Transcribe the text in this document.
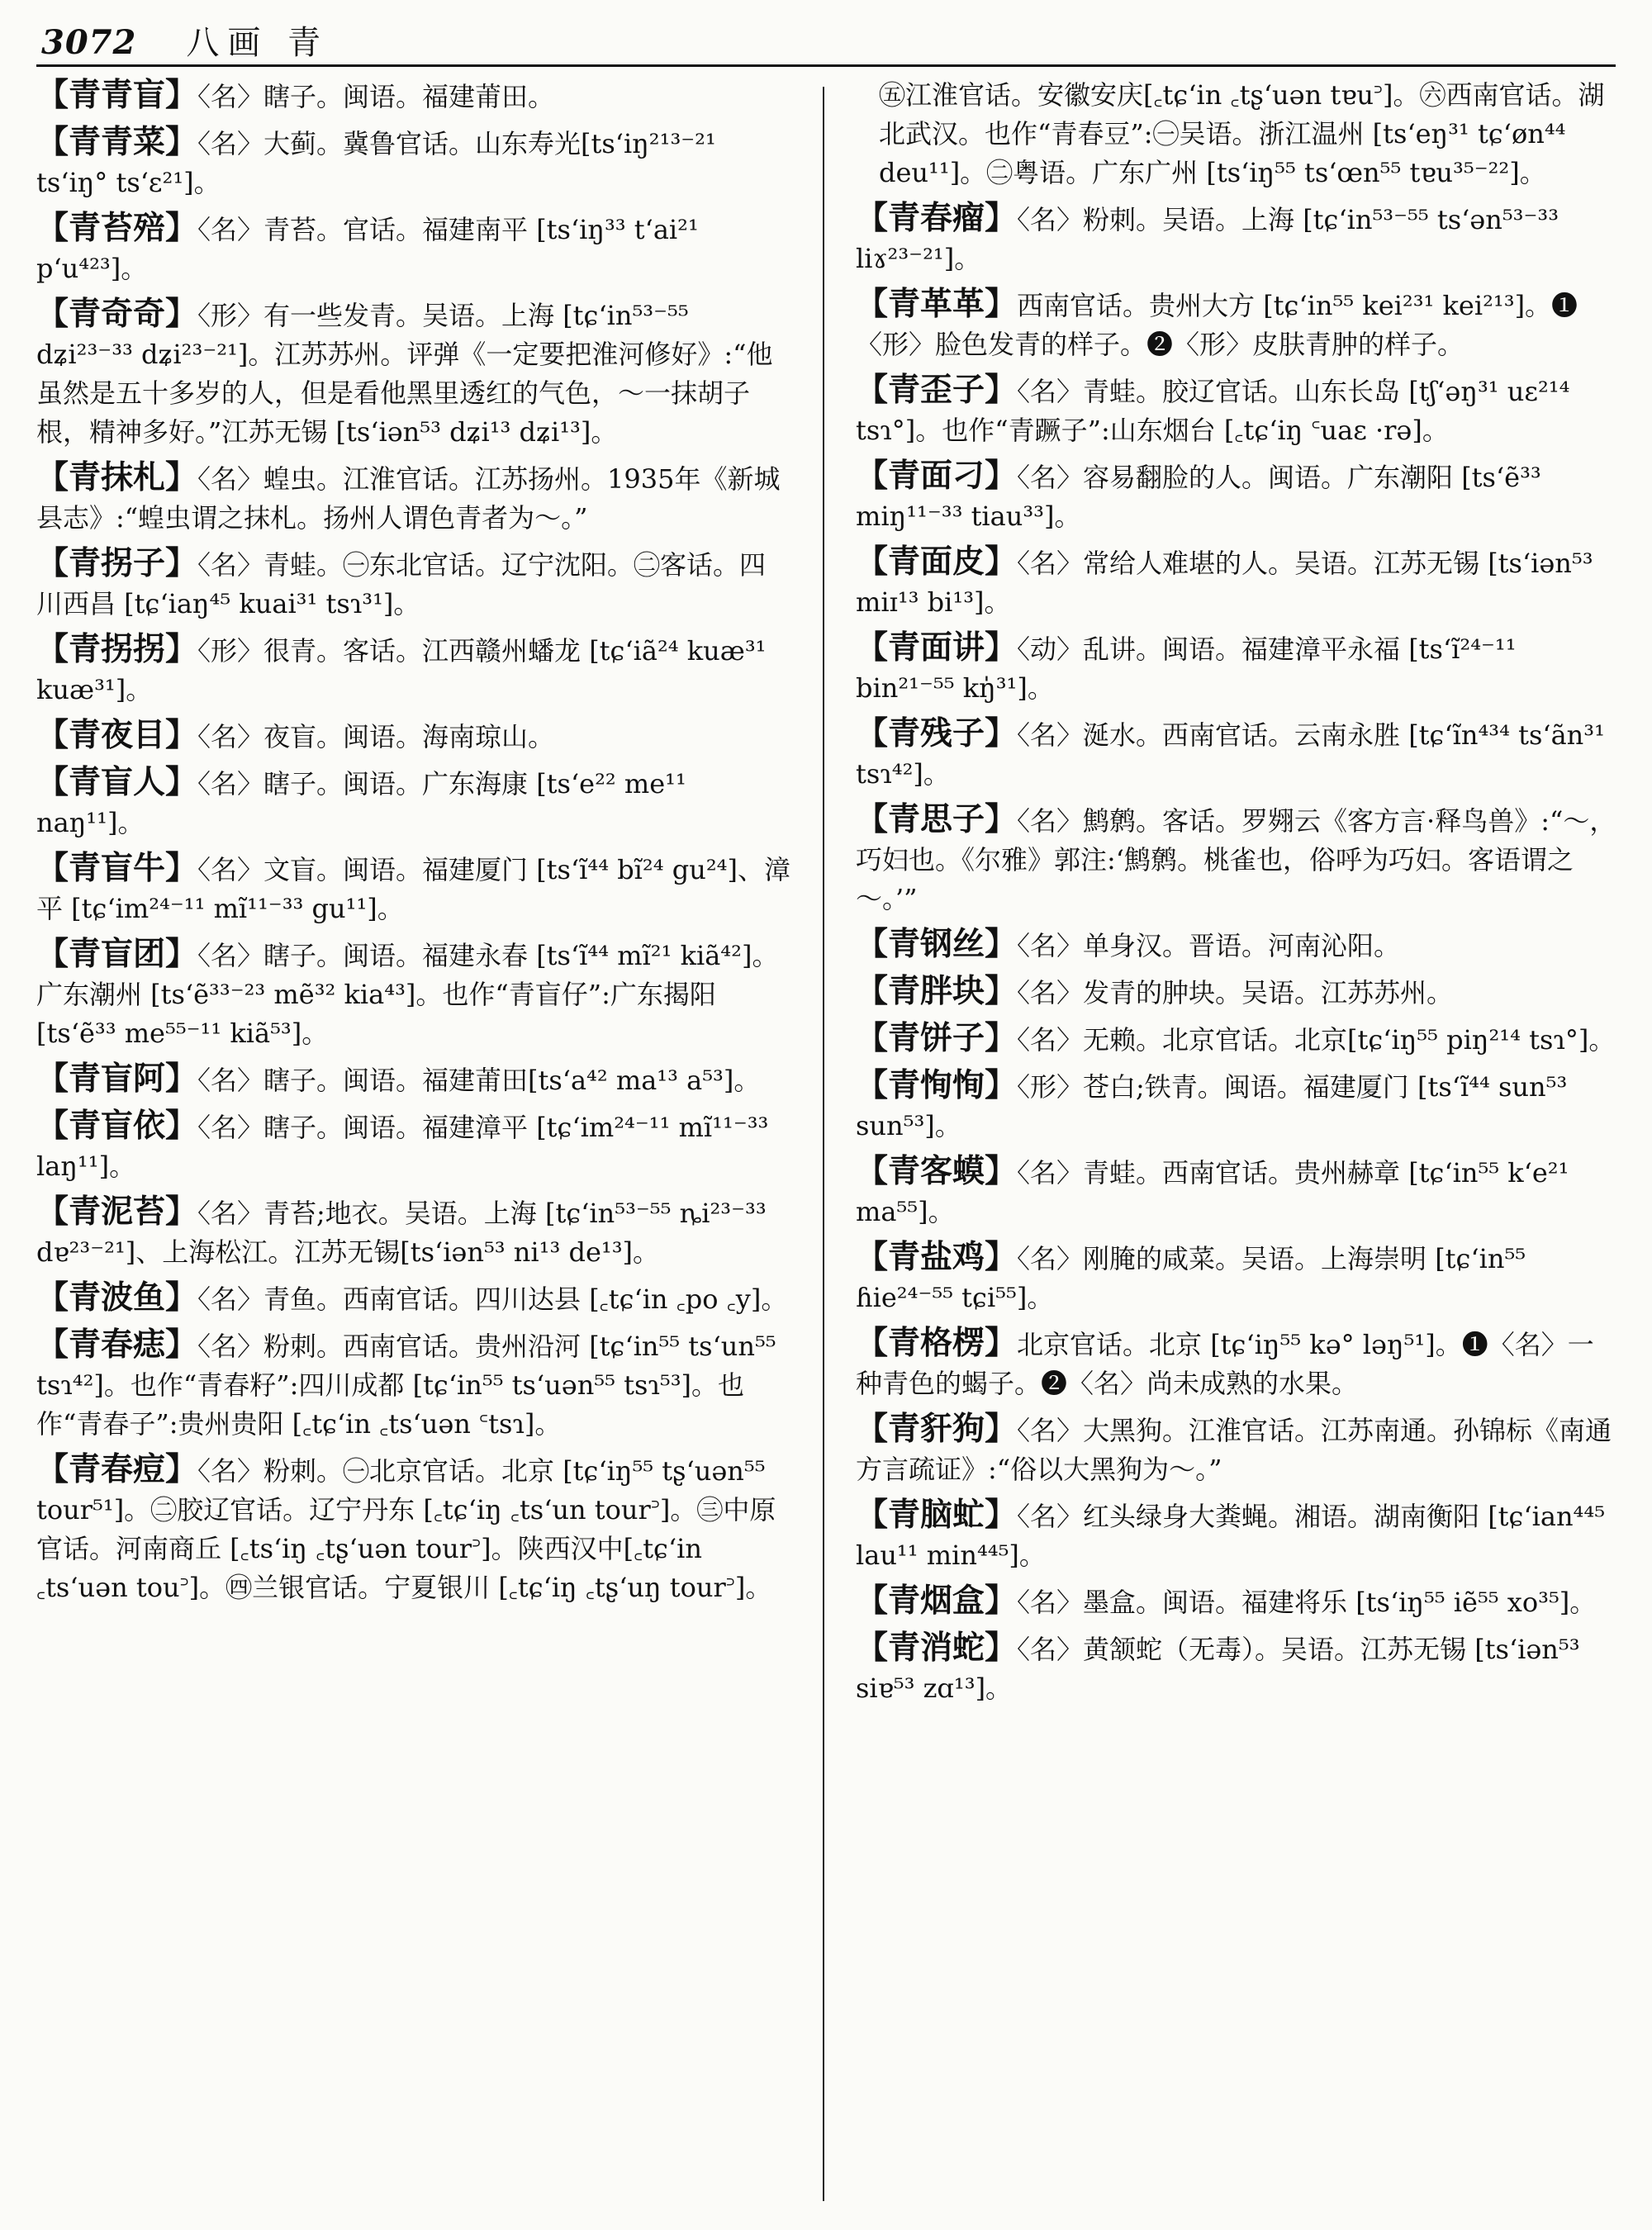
3072 八画 青
【青青盲】〈名〉瞎子。闽语。福建莆田。
【青青菜】〈名〉大蓟。冀鲁官话。山东寿光[tsʻiŋ²¹³⁻²¹ tsʻiŋ° tsʻɛ²¹]。
【青苔殕】〈名〉青苔。官话。福建南平 [tsʻiŋ³³ tʻai²¹ pʻu⁴²³]。
【青奇奇】〈形〉有一些发青。吴语。上海 [tɕʻin⁵³⁻⁵⁵ dʑi²³⁻³³ dʑi²³⁻²¹]。江苏苏州。评弹《一定要把淮河修好》:“他虽然是五十多岁的人，但是看他黑里透红的气色，～一抹胡子根，精神多好。”江苏无锡 [tsʻiən⁵³ dʑi¹³ dʑi¹³]。
【青抹札】〈名〉蝗虫。江淮官话。江苏扬州。1935年《新城县志》:“蝗虫谓之抹札。扬州人谓色青者为～。”
【青拐子】〈名〉青蛙。㊀东北官话。辽宁沈阳。㊁客话。四川西昌 [tɕʻiaŋ⁴⁵ kuai³¹ tsɿ³¹]。
【青拐拐】〈形〉很青。客话。江西赣州蟠龙 [tɕʻiã²⁴ kuæ³¹ kuæ³¹]。
【青夜目】〈名〉夜盲。闽语。海南琼山。
【青盲人】〈名〉瞎子。闽语。广东海康 [tsʻe²² me¹¹ naŋ¹¹]。
【青盲牛】〈名〉文盲。闽语。福建厦门 [tsʻĩ⁴⁴ bĩ²⁴ gu²⁴]、漳平 [tɕʻim²⁴⁻¹¹ mĩ¹¹⁻³³ gu¹¹]。
【青盲团】〈名〉瞎子。闽语。福建永春 [tsʻĩ⁴⁴ mĩ²¹ kiã⁴²]。广东潮州 [tsʻẽ³³⁻²³ mẽ³² kia⁴³]。也作“青盲仔”:广东揭阳 [tsʻẽ³³ me⁵⁵⁻¹¹ kiã⁵³]。
【青盲阿】〈名〉瞎子。闽语。福建莆田[tsʻa⁴² ma¹³ a⁵³]。
【青盲依】〈名〉瞎子。闽语。福建漳平 [tɕʻim²⁴⁻¹¹ mĩ¹¹⁻³³ laŋ¹¹]。
【青泥苔】〈名〉青苔;地衣。吴语。上海 [tɕʻin⁵³⁻⁵⁵ ȵi²³⁻³³ dɐ²³⁻²¹]、上海松江。江苏无锡[tsʻiən⁵³ ni¹³ de¹³]。
【青波鱼】〈名〉青鱼。西南官话。四川达县 [꜀tɕʻin ꜀po ꜀y]。
【青春痣】〈名〉粉刺。西南官话。贵州沿河 [tɕʻin⁵⁵ tsʻun⁵⁵ tsɿ⁴²]。也作“青春籽”:四川成都 [tɕʻin⁵⁵ tsʻuən⁵⁵ tsɿ⁵³]。也作“青春子”:贵州贵阳 [꜀tɕʻin ꜀tsʻuən ꜂tsɿ]。
【青春痘】〈名〉粉刺。㊀北京官话。北京 [tɕʻiŋ⁵⁵ tʂʻuən⁵⁵ tour⁵¹]。㊁胶辽官话。辽宁丹东 [꜀tɕʻiŋ ꜀tsʻun tour꜄]。㊂中原官话。河南商丘 [꜀tsʻiŋ ꜀tʂʻuən tour꜄]。陕西汉中[꜀tɕʻin ꜀tsʻuən tou꜄]。㊃兰银官话。宁夏银川 [꜀tɕʻiŋ ꜀tʂʻuŋ tour꜄]。
㊄江淮官话。安徽安庆[꜀tɕʻin ꜀tʂʻuən tɐu꜄]。㊅西南官话。湖北武汉。也作“青春豆”:㊀吴语。浙江温州 [tsʻeŋ³¹ tɕʻøn⁴⁴ deu¹¹]。㊁粤语。广东广州 [tsʻiŋ⁵⁵ tsʻœn⁵⁵ tɐu³⁵⁻²²]。
【青春瘤】〈名〉粉刺。吴语。上海 [tɕʻin⁵³⁻⁵⁵ tsʻən⁵³⁻³³ liɤ²³⁻²¹]。
【青革革】西南官话。贵州大方 [tɕʻin⁵⁵ kei²³¹ kei²¹³]。❶〈形〉脸色发青的样子。❷〈形〉皮肤青肿的样子。
【青歪子】〈名〉青蛙。胶辽官话。山东长岛 [tʃʻəŋ³¹ uɛ²¹⁴ tsɿ°]。也作“青蹶子”:山东烟台 [꜀tɕʻiŋ ꜂uaɛ ·rə]。
【青面刁】〈名〉容易翻脸的人。闽语。广东潮阳 [tsʻẽ³³ miŋ¹¹⁻³³ tiau³³]。
【青面皮】〈名〉常给人难堪的人。吴语。江苏无锡 [tsʻiən⁵³ miɪ¹³ bi¹³]。
【青面讲】〈动〉乱讲。闽语。福建漳平永福 [tsʻĩ²⁴⁻¹¹ bin²¹⁻⁵⁵ kŋ̍³¹]。
【青残子】〈名〉涎水。西南官话。云南永胜 [tɕʻĩn⁴³⁴ tsʻãn³¹ tsɿ⁴²]。
【青思子】〈名〉鹪鹩。客话。罗翙云《客方言·释鸟兽》:“～，巧妇也。《尔雅》郭注:‘鹪鹩。桃雀也，俗呼为巧妇。客语谓之～。’”
【青钢丝】〈名〉单身汉。晋语。河南沁阳。
【青胖块】〈名〉发青的肿块。吴语。江苏苏州。
【青饼子】〈名〉无赖。北京官话。北京[tɕʻiŋ⁵⁵ piŋ²¹⁴ tsɿ°]。
【青恂恂】〈形〉苍白;铁青。闽语。福建厦门 [tsʻĩ⁴⁴ sun⁵³ sun⁵³]。
【青客蟆】〈名〉青蛙。西南官话。贵州赫章 [tɕʻin⁵⁵ kʻe²¹ ma⁵⁵]。
【青盐鸡】〈名〉刚腌的咸菜。吴语。上海崇明 [tɕʻin⁵⁵ ɦie²⁴⁻⁵⁵ tɕi⁵⁵]。
【青格楞】北京官话。北京 [tɕʻiŋ⁵⁵ kə° ləŋ⁵¹]。❶〈名〉一种青色的蝎子。❷〈名〉尚未成熟的水果。
【青豻狗】〈名〉大黑狗。江淮官话。江苏南通。孙锦标《南通方言疏证》:“俗以大黑狗为～。”
【青脑虻】〈名〉红头绿身大粪蝇。湘语。湖南衡阳 [tɕʻian⁴⁴⁵ lau¹¹ min⁴⁴⁵]。
【青烟盒】〈名〉墨盒。闽语。福建将乐 [tsʻiŋ⁵⁵ iẽ⁵⁵ xo³⁵]。
【青消蛇】〈名〉黄颔蛇（无毒）。吴语。江苏无锡 [tsʻiən⁵³ siɐ⁵³ zɑ¹³]。
